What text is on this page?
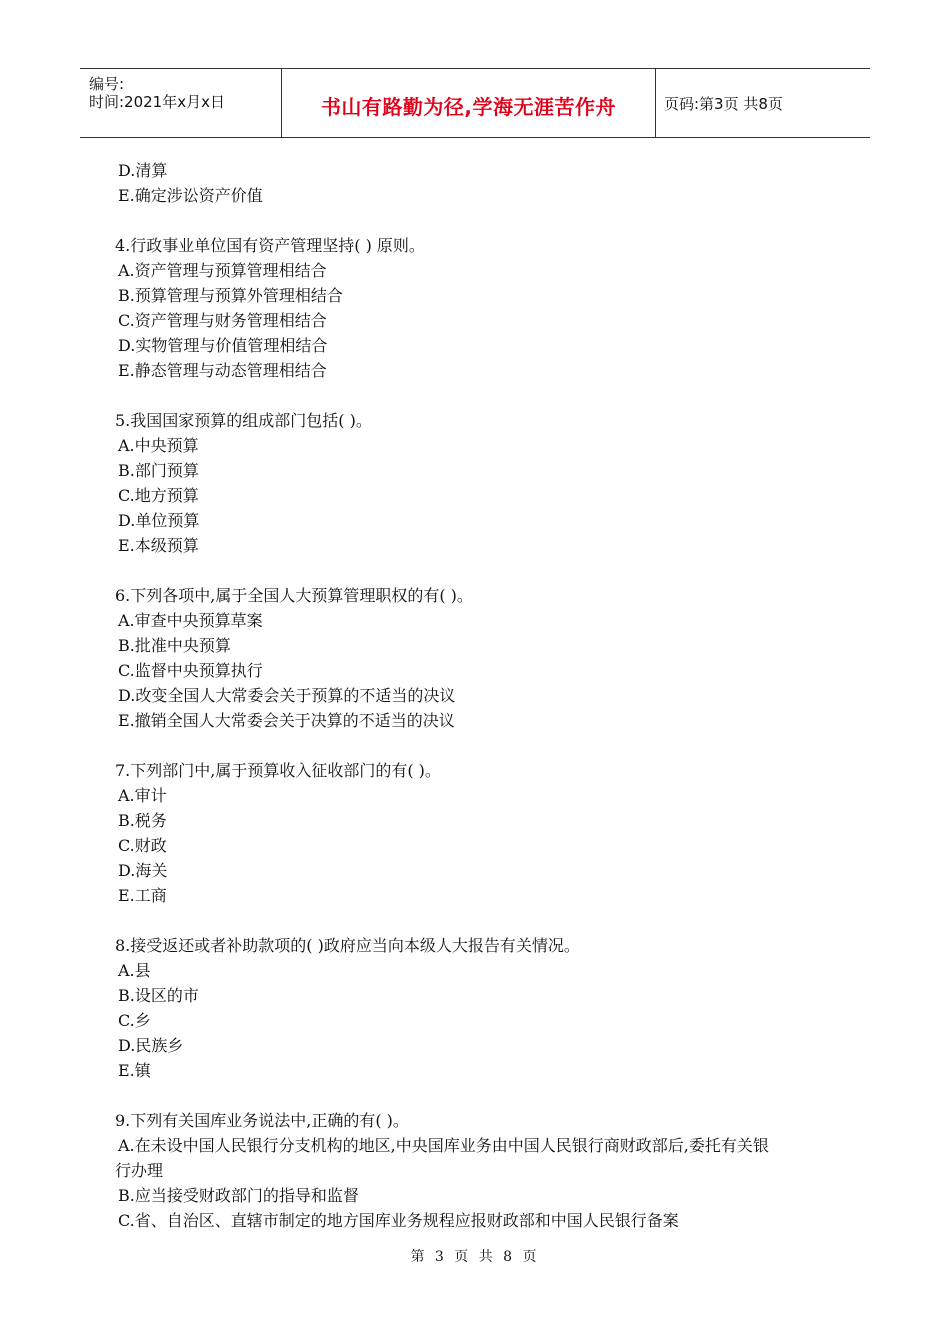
编号:
时间:2021年x月x日	书山有路勤为径,学海无涯苦作舟	页码:第3页 共8页
D.清算
E.确定涉讼资产价值
4.行政事业单位国有资产管理坚持( ) 原则。
A.资产管理与预算管理相结合
B.预算管理与预算外管理相结合
C.资产管理与财务管理相结合
D.实物管理与价值管理相结合
E.静态管理与动态管理相结合
5.我国国家预算的组成部门包括( )。
A.中央预算
B.部门预算
C.地方预算
D.单位预算
E.本级预算
6.下列各项中,属于全国人大预算管理职权的有( )。
A.审查中央预算草案
B.批准中央预算
C.监督中央预算执行
D.改变全国人大常委会关于预算的不适当的决议
E.撤销全国人大常委会关于决算的不适当的决议
7.下列部门中,属于预算收入征收部门的有( )。
A.审计
B.税务
C.财政
D.海关
E.工商
8.接受返还或者补助款项的( )政府应当向本级人大报告有关情况。
A.县
B.设区的市
C.乡
D.民族乡
E.镇
9.下列有关国库业务说法中,正确的有( )。
A.在未设中国人民银行分支机构的地区,中央国库业务由中国人民银行商财政部后,委托有关银
行办理
B.应当接受财政部门的指导和监督
C.省、自治区、直辖市制定的地方国库业务规程应报财政部和中国人民银行备案
第 3 页 共 8 页
